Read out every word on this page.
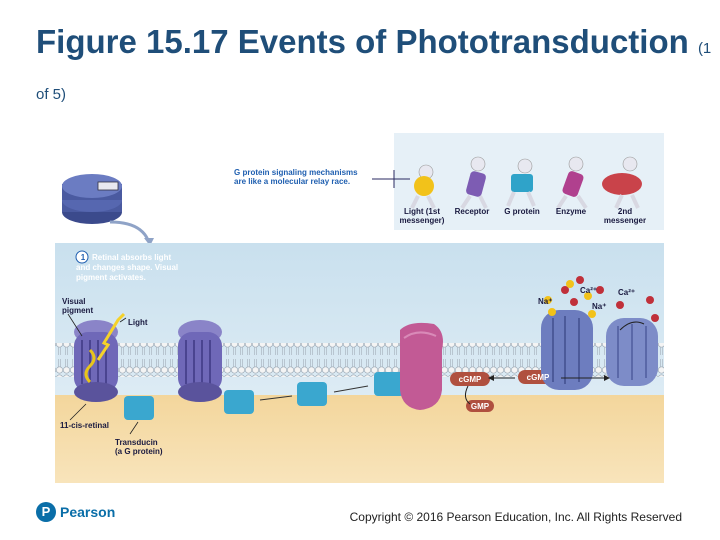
Figure 15.17 Events of Phototransduction (1 of 5)
G protein signaling mechanisms
are like a molecular relay race.
Light (1st
messenger)
Receptor	G protein	Enzyme	2nd
messenger
1 Retinal absorbs light
and changes shape. Visual
pigment activates.
Visual
pigment
Light
11-cis-retinal
Transducin
(a G protein)
Ca²⁺	Ca²⁺
Na⁺
Na⁺
cGMP	cGMP
GMP
P Pearson	Copyright © 2016 Pearson Education, Inc. All Rights Reserved
